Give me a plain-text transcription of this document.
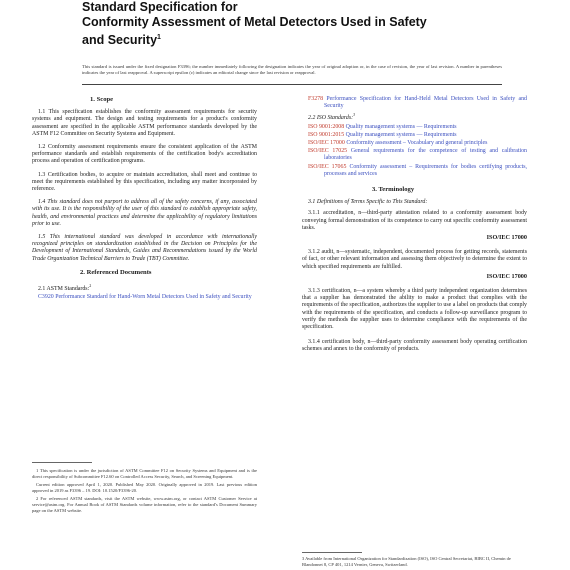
Standard Specification for
Conformity Assessment of Metal Detectors Used in Safety
and Security$^1$
This standard is issued under the fixed designation F3396; the number immediately following the designation indicates the year of original adoption or, in the case of revision, the year of last revision. A number in parentheses indicates the year of last reapproval. A superscript epsilon (ε) indicates an editorial change since the last revision or reapproval.
1. Scope
1.1 This specification establishes the conformity assessment requirements for security systems and equipment. The design and testing requirements for a product's conformity assessment are specified in the applicable ASTM performance standards developed by the ASTM F12 Committee on Security Systems and Equipment.
1.2 Conformity assessment requirements ensure the consistent application of the ASTM performance standards and establish requirements of the certification body's accreditation process and operation of certification programs.
1.3 Certification bodies, to acquire or maintain accreditation, shall meet and continue to meet the requirements established by this specification, including any matter incorporated by reference.
1.4 This standard does not purport to address all of the safety concerns, if any, associated with its use. It is the responsibility of the user of this standard to establish appropriate safety, health, and environmental practices and determine the applicability of regulatory limitations prior to use.
1.5 This international standard was developed in accordance with internationally recognized principles on standardization established in the Decision on Principles for the Development of International Standards, Guides and Recommendations issued by the World Trade Organization Technical Barriers to Trade (TBT) Committee.
2. Referenced Documents
2.1 ASTM Standards:$^2$
C3920 Performance Standard for Hand-Worn Metal Detectors Used in Safety and Security
1 This specification is under the jurisdiction of ASTM Committee F12 on Security Systems and Equipment and is the direct responsibility of Subcommittee F12.60 on Controlled Access Security, Search, and Screening Equipment.
Current edition approved April 1, 2020. Published May 2020. Originally approved in 2019. Last previous edition approved in 2019 as F3396 – 19. DOI: 10.1520/F3396-20.
2 For referenced ASTM standards, visit the ASTM website, www.astm.org, or contact ASTM Customer Service at service@astm.org. For Annual Book of ASTM Standards volume information, refer to the standard's Document Summary page on the ASTM website.
F3278 Performance Specification for Hand-Held Metal Detectors Used in Safety and Security
2.2 ISO Standards:$^3$
ISO 9001:2008 Quality management systems — Requirements
ISO 9001:2015 Quality management systems — Requirements
ISO/IEC 17000 Conformity assessment – Vocabulary and general principles
ISO/IEC 17025 General requirements for the competence of testing and calibration laboratories
ISO/IEC 17065 Conformity assessment – Requirements for bodies certifying products, processes and services
3. Terminology
3.1 Definitions of Terms Specific to This Standard:
3.1.1 accreditation, n—third-party attestation related to a conformity assessment body conveying formal demonstration of its competence to carry out specific conformity assessment tasks.
ISO/IEC 17000
3.1.2 audit, n—systematic, independent, documented process for getting records, statements of fact, or other relevant information and assessing them objectively to determine the extent to which specified requirements are fulfilled.
ISO/IEC 17000
3.1.3 certification, n—a system whereby a third party independent organization determines that a supplier has demonstrated the ability to make a product that complies with the requirements of the specification, authorizes the supplier to use a label on products that comply with the requirements of the specification, and conducts a follow-up surveillance program to verify the methods the supplier uses to determine compliance with the requirements of the specification.
3.1.4 certification body, n—third-party conformity assessment body operating certification schemes and annex to the conformity of products.
3 Available from International Organization for Standardization (ISO), ISO Central Secretariat, BIBC II, Chemin de Blandonnet 8, CP 401, 1214 Vernier, Geneva, Switzerland.
